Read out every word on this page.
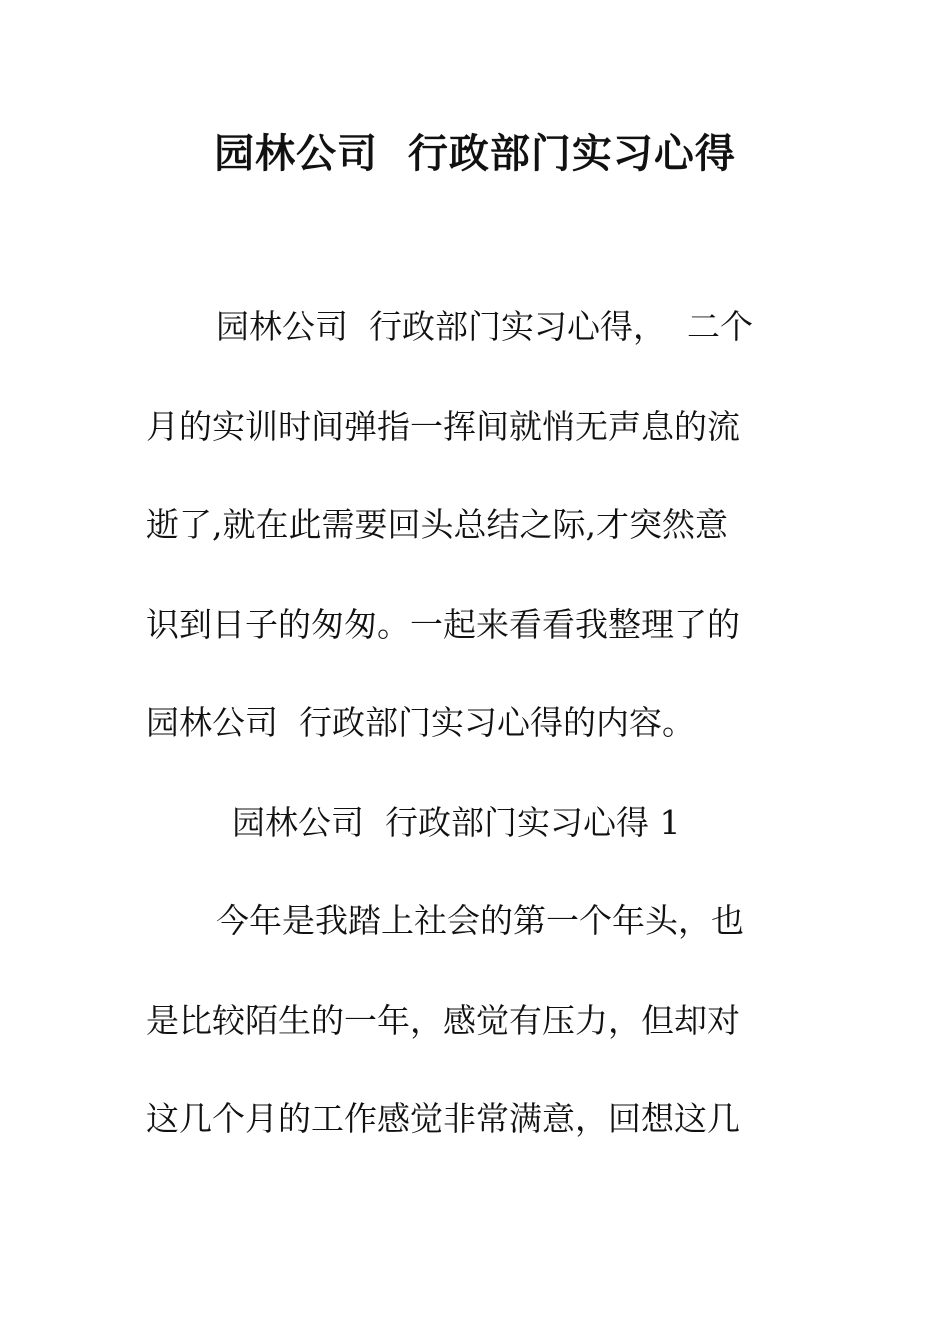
园林公司  行政部门实习心得
园林公司  行政部门实习心得，  二个
月的实训时间弹指一挥间就悄无声息的流
逝了,就在此需要回头总结之际,才突然意
识到日子的匆匆。一起来看看我整理了的
园林公司  行政部门实习心得的内容。
园林公司  行政部门实习心得 1
今年是我踏上社会的第一个年头，也
是比较陌生的一年，感觉有压力，但却对
这几个月的工作感觉非常满意，回想这几
